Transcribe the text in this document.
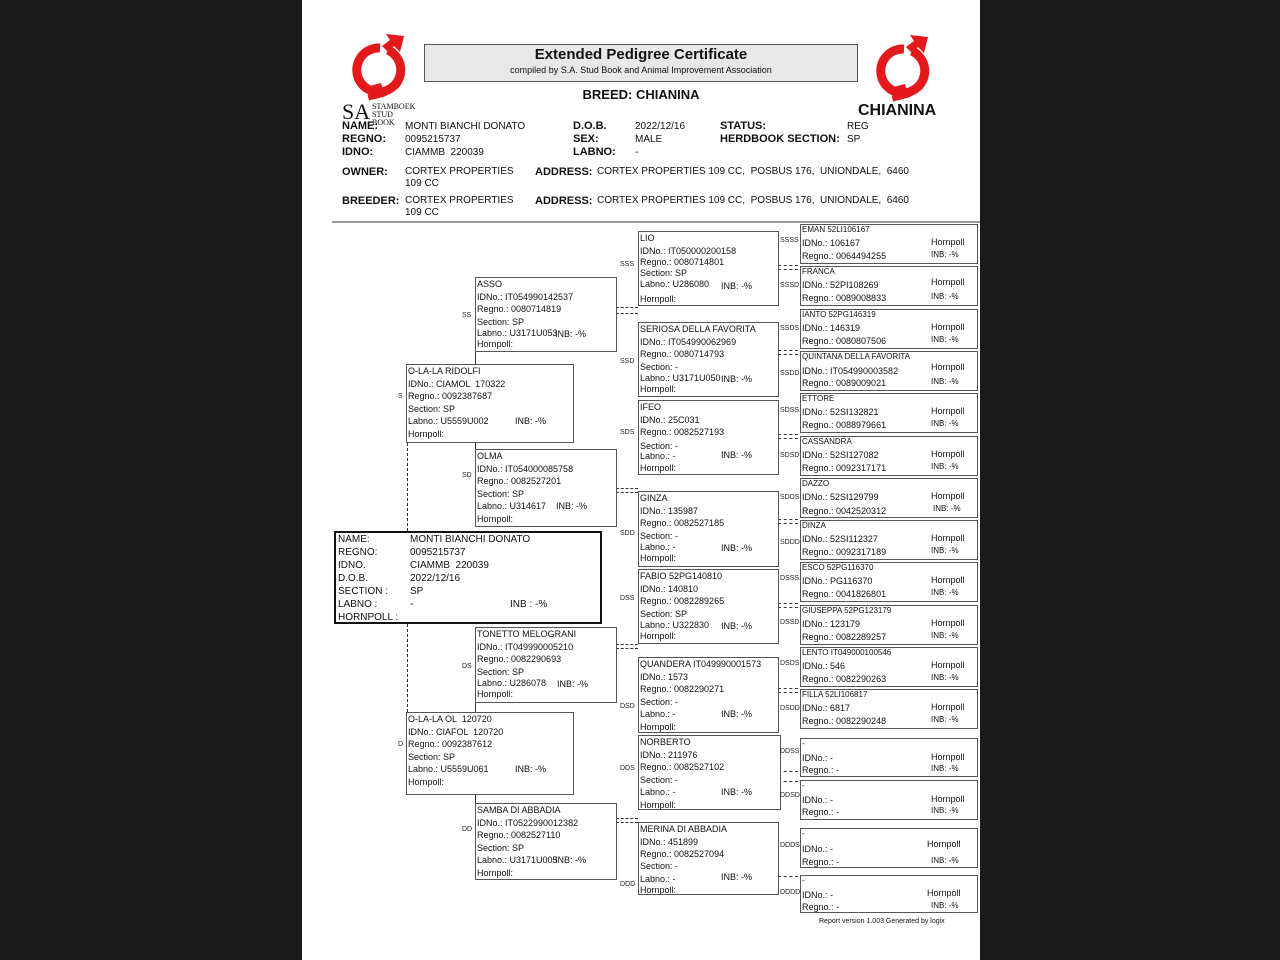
SA STAMBOEK
STUD BOOK
Extended Pedigree Certificate
compiled by S.A. Stud Book and Animal Improvement Association
BREED: CHIANINA
CHIANINA
NAME:	MONTI BIANCHI DONATO
REGNO: 0095215737
IDNO:	CIAMMB  220039
D.O.B.	2022/12/16
SEX:	MALE
LABNO: -
STATUS:	REG
HERDBOOK SECTION: SP
OWNER: CORTEX PROPERTIES
109 CC
ADDRESS: CORTEX PROPERTIES 109 CC,  POSBUS 176,  UNIONDALE,  6460
BREEDER: CORTEX PROPERTIES
109 CC
ADDRESS: CORTEX PROPERTIES 109 CC,  POSBUS 176,  UNIONDALE,  6460
S
O-LA-LA RIDOLFI
IDNo.: CIAMOL  170322
Regno.: 0092387687
Section: SP
Labno.: U5559U002	INB: -%
Hornpoll:
D
O-LA-LA OL  120720
IDNo.: CIAFOL  120720
Regno.: 0092387612
Section: SP
Labno.: U5559U061	INB: -%
Hornpoll:
NAME:	MONTI BIANCHI DONATO
REGNO:	0095215737
IDNO.	CIAMMB  220039
D.O.B.	2022/12/16
SECTION : SP
LABNO :	-	INB : -%
HORNPOLL :
SS
ASSO
IDNo.: IT054990142537
Regno.: 0080714819
Section: SP
Labno.: U3171U053
INB: -%
Hornpoll:
SD
OLMA
IDNo.: IT054000085758
Regno.: 0082527201
Section: SP
Labno.: U314617	INB: -%
Hornpoll:
DS
TONETTO MELOGRANI
IDNo.: IT049990005210
Regno.: 0082290693
Section: SP
Labno.: U286078	INB: -%
Hornpoll:
DD
SAMBA DI ABBADIA
IDNo.: IT0522990012382
Regno.: 0082527110
Section: SP
Labno.: U3171U005
INB: -%
Hornpoll:
SSS
LIO
IDNo.: IT050000200158
Regno.: 0080714801
Section: SP
Labno.: U286080	INB: -%
Hornpoll:
SSD
SERIOSA DELLA FAVORITA
IDNo.: IT054990062969
Regno.: 0080714793
Section: -
Labno.: U3171U050 INB: -%
Hornpoll:
SDS
IFEO
IDNo.: 25C031
Regno.: 0082527193
Section: -
Labno.: -	INB: -%
Hornpoll:
SDD
GINZA
IDNo.: 135987
Regno.: 0082527185
Section: -
Labno.: -	INB: -%
Hornpoll:
DSS
FABIO 52PG140810
IDNo.: 140810
Regno.: 0082289265
Section: SP
Labno.: U322830	INB: -%
Hornpoll:
DSD
QUANDERA IT049990001573
IDNo.: 1573
Regno.: 0082290271
Section: -
Labno.: -	INB: -%
Hornpoll:
DDS
NORBERTO
IDNo.: 211976
Regno.: 0082527102
Section: -
Labno.: -	INB: -%
Hornpoll:
DDD
MERINA DI ABBADIA
IDNo.: 451899
Regno.: 0082527094
Section: -
Labno.: -	INB: -%
Hornpoll:
SSSS
EMAN 52LI106167
IDNo.: 106167
Regno.: 0064494255
Hornpoll
INB: -%
SSSD
FRANCA
IDNo.: 52PI108269
Regno.: 0089008833
Hornpoll
INB: -%
SSDS
IANTO 52PG146319
IDNo.: 146319
Regno.: 0080807506
Hornpoll
INB: -%
SSDD
QUINTANA DELLA FAVORITA
IDNo.: IT054990003582
Regno.: 0089009021
Hornpoll
INB: -%
SDSS
ETTORE
IDNo.: 52SI132821
Regno.: 0088979661
Hornpoll
INB: -%
SDSD
CASSANDRA
IDNo.: 52SI127082
Regno.: 0092317171
Hornpoll
INB: -%
SDDS
DAZZO
IDNo.: 52SI129799
Regno.: 0042520312
Hornpoll
INB: -%
SDDD
DINZA
IDNo.: 52SI112327
Regno.: 0092317189
Hornpoll
INB: -%
DSSS
ESCO 52PG116370
IDNo.: PG116370
Regno.: 0041826801
Hornpoll
INB: -%
DSSD
GIUSEPPA 52PG123179
IDNo.: 123179
Regno.: 0082289257
Hornpoll
INB: -%
DSDS
LENTO IT049000100546
IDNo.: 546
Regno.: 0082290263
Hornpoll
INB: -%
DSDD
FILLA 52LI106817
IDNo.: 6817
Regno.: 0082290248
Hornpoll
INB: -%
DDSS
-
IDNo.: -
Regno.: -
Hornpoll
INB: -%
DDSD
-
IDNo.: -
Regno.: -
Hornpoll
INB: -%
DDDS
-
IDNo.: -
Regno.: -
Hornpoll
INB: -%
DDDD
-
IDNo.: -
Regno.: -
Hornpoll
INB: -%
Report version 1.003 Generated by logix
